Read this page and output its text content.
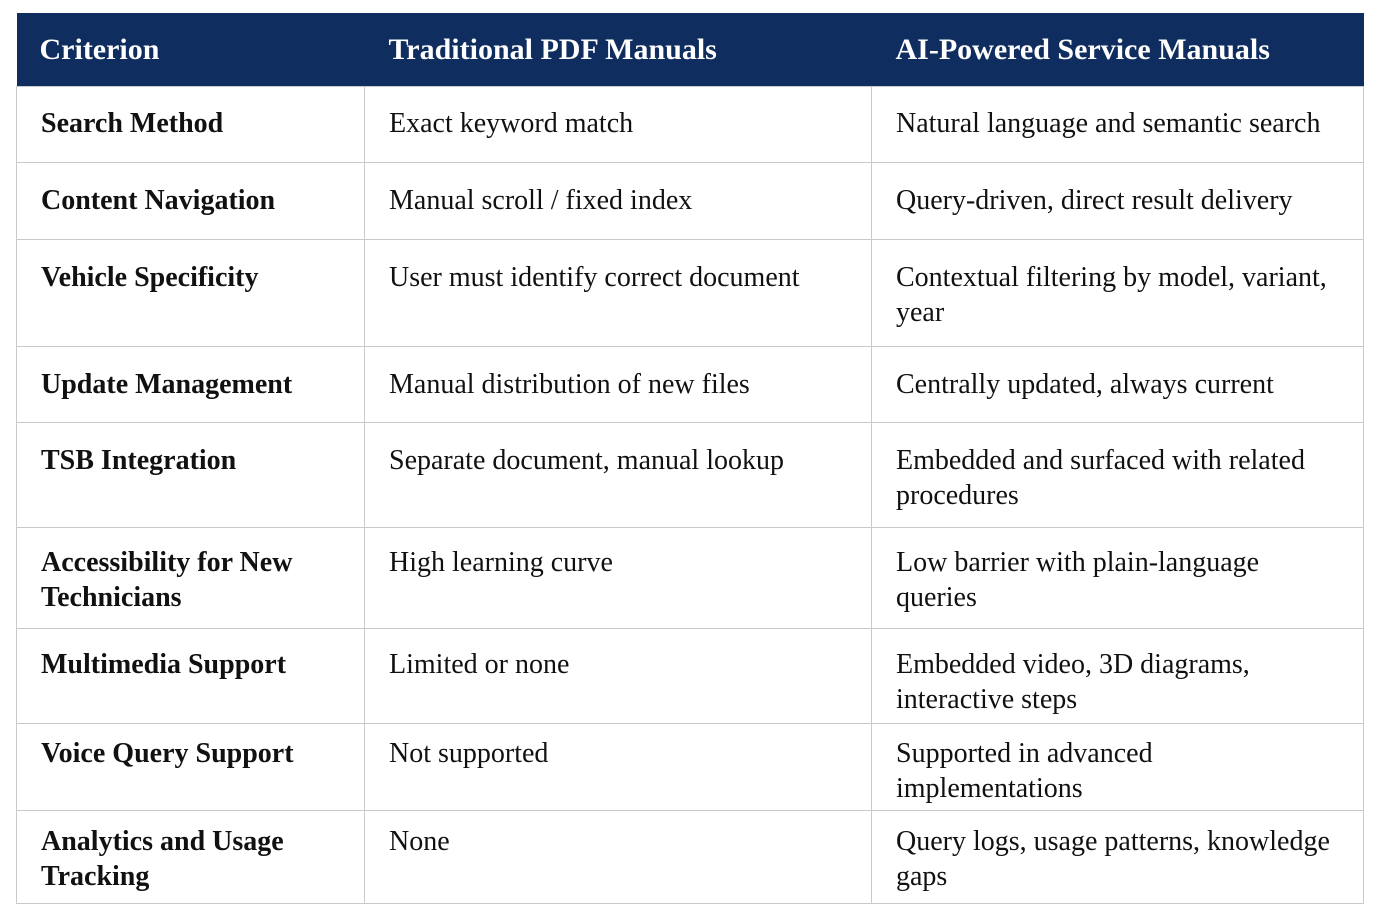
Criterion	Traditional PDF Manuals	AI-Powered Service Manuals
Search Method	Exact keyword match	Natural language and semantic search
Content Navigation	Manual scroll / fixed index	Query-driven, direct result delivery
Vehicle Specificity	User must identify correct document	Contextual filtering by model, variant, year
Update Management	Manual distribution of new files	Centrally updated, always current
TSB Integration	Separate document, manual lookup	Embedded and surfaced with related procedures
Accessibility for New Technicians	High learning curve	Low barrier with plain-language queries
Multimedia Support	Limited or none	Embedded video, 3D diagrams, interactive steps
Voice Query Support	Not supported	Supported in advanced implementations
Analytics and Usage Tracking	None	Query logs, usage patterns, knowledge gaps
